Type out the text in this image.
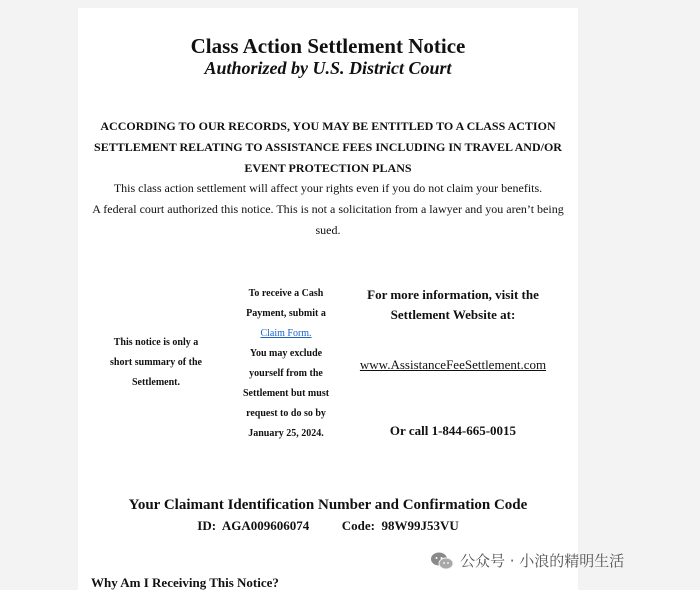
Class Action Settlement Notice
Authorized by U.S. District Court
ACCORDING TO OUR RECORDS, YOU MAY BE ENTITLED TO A CLASS ACTION SETTLEMENT RELATING TO ASSISTANCE FEES INCLUDING IN TRAVEL AND/OR EVENT PROTECTION PLANS
This class action settlement will affect your rights even if you do not claim your benefits.
A federal court authorized this notice. This is not a solicitation from a lawyer and you aren’t being sued.
This notice is only a short summary of the Settlement.
To receive a Cash Payment, submit a
Claim Form.
You may exclude yourself from the Settlement but must request to do so by January 25, 2024.
For more information, visit the Settlement Website at:
www.AssistanceFeeSettlement.com
Or call 1-844-665-0015
Your Claimant Identification Number and Confirmation Code
ID: AGA009606074	Code: 98W99J53VU
Why Am I Receiving This Notice?
公众号 · 小浪的精明生活
